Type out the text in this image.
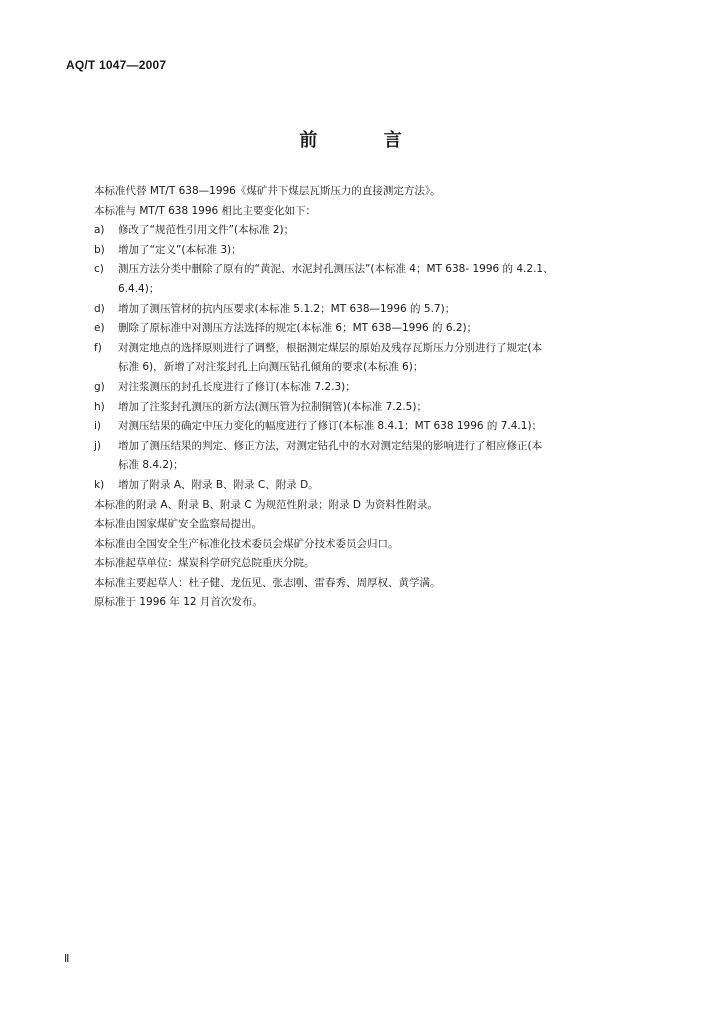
AQ/T 1047—2007
前 言
本标准代替 MT/T 638—1996《煤矿井下煤层瓦斯压力的直接测定方法》。
本标准与 MT/T 638 1996 相比主要变化如下：
a)	修改了“规范性引用文件”(本标准 2)；
b)	增加了“定义”(本标准 3)；
c)	测压方法分类中删除了原有的“黄泥、水泥封孔测压法”(本标准 4；MT 638- 1996 的 4.2.1、
6.4.4)；
d)	增加了测压管材的抗内压要求(本标准 5.1.2；MT 638—1996 的 5.7)；
e)	删除了原标准中对测压方法选择的规定(本标准 6；MT 638—1996 的 6.2)；
f)	对测定地点的选择原则进行了调整，根据测定煤层的原始及残存瓦斯压力分别进行了规定(本
标准 6)，新增了对注浆封孔上向测压钻孔倾角的要求(本标准 6)；
g)	对注浆测压的封孔长度进行了修订(本标准 7.2.3)；
h)	增加了注浆封孔测压的新方法(测压管为拉制铜管)(本标准 7.2.5)；
i)	对测压结果的确定中压力变化的幅度进行了修订(本标准 8.4.1；MT 638 1996 的 7.4.1)；
j)	增加了测压结果的判定、修正方法，对测定钻孔中的水对测定结果的影响进行了相应修正(本
标准 8.4.2)；
k)	增加了附录 A、附录 B、附录 C、附录 D。
本标准的附录 A、附录 B、附录 C 为规范性附录；附录 D 为资料性附录。
本标准由国家煤矿安全监察局提出。
本标准由全国安全生产标准化技术委员会煤矿分技术委员会归口。
本标准起草单位：煤炭科学研究总院重庆分院。
本标准主要起草人：杜子健、龙伍见、张志刚、雷春秀、周厚权、黄学满。
原标准于 1996 年 12 月首次发布。
Ⅱ
